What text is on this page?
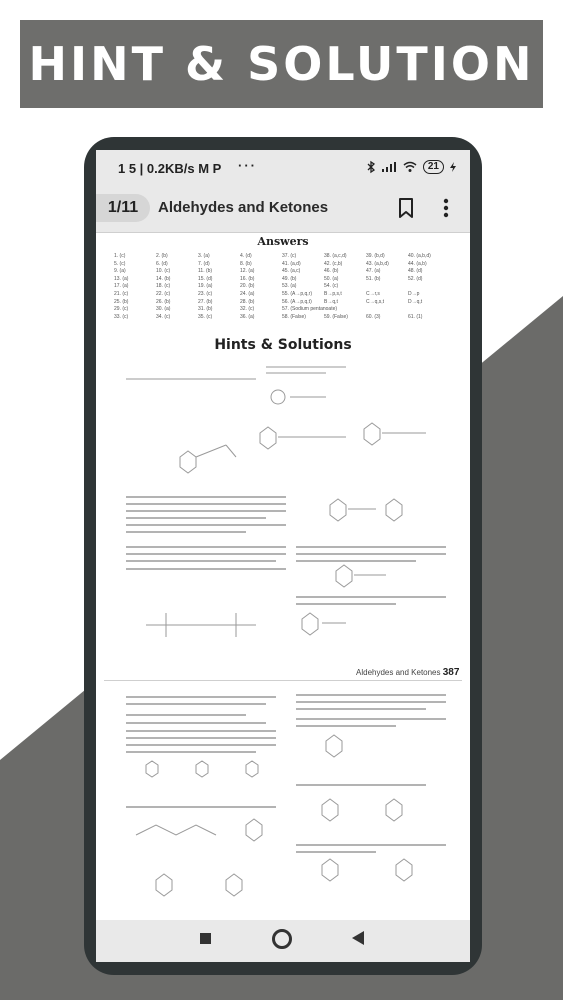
HINT & SOLUTION
1 5 | 0.2KB/s M P ···	21
1/11	Aldehydes and Ketones
Answers
1. (c)	2. (b)	3. (a)	4. (d)	37. (c)	38. (a,c,d)	39. (b,d)	40. (a,b,d)
5. (c)	6. (d)	7. (d)	8. (b)	41. (a,d)	42. (c,b)	43. (a,b,d)	44. (a,b)
9. (a)	10. (c)	11. (b)	12. (a)	45. (a,c)	46. (b)	47. (a)	48. (d)
13. (a)	14. (b)	15. (d)	16. (b)	49. (b)	50. (a)	51. (b)	52. (d)
17. (a)	18. (c)	19. (a)	20. (b)	53. (a)	54. (c)
21. (c)	22. (c)	23. (c)	24. (a)	55. (A→p,q,r)	B→p,s,t	C→r,s	D→p
25. (b)	26. (b)	27. (b)	28. (b)	56. (A→p,q,t)	B→q,t	C→q,s,t	D→q,t
29. (c)	30. (a)	31. (b)	32. (c)	57. (Sodium pentanoate)
33. (c)	34. (c)	35. (c)	36. (a)	58. (False)	59. (False)	60. (3)	61. (1)
Hints & Solutions
Aldehydes and Ketones 387
